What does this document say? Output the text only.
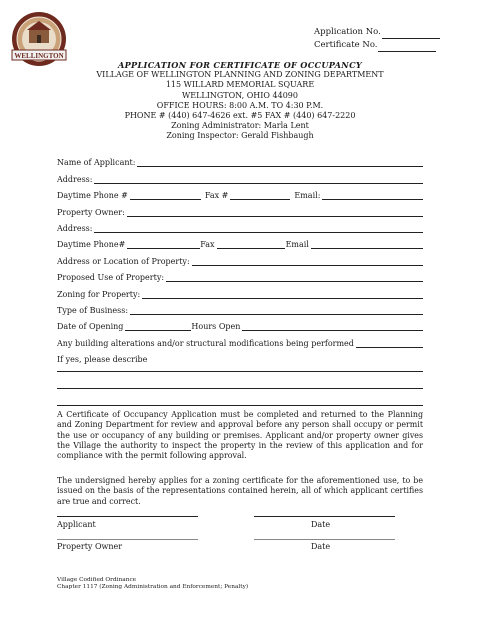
WELLINGTON
Application No.
Certificate No.
APPLICATION FOR CERTIFICATE OF OCCUPANCY
VILLAGE OF WELLINGTON PLANNING AND ZONING DEPARTMENT
115 WILLARD MEMORIAL SQUARE
WELLINGTON, OHIO 44090
OFFICE HOURS: 8:00 A.M. TO 4:30 P.M.
PHONE # (440) 647-4626 ext. #5 FAX # (440) 647-2220
Zoning Administrator: Marla Lent
Zoning Inspector: Gerald Fishbaugh
Name of Applicant:
Address:
Daytime Phone #	Fax #	Email:
Property Owner:
Address:
Daytime Phone#	Fax	Email
Address or Location of Property:
Proposed Use of Property:
Zoning for Property:
Type of Business:
Date of Opening	Hours Open
Any building alterations and/or structural modifications being performed
If yes, please describe
A Certificate of Occupancy Application must be completed and returned to the Planning and Zoning Department for review and approval before any person shall occupy or permit the use or occupancy of any building or premises. Applicant and/or property owner gives the Village the authority to inspect the property in the review of this application and for compliance with the permit following approval.
The undersigned hereby applies for a zoning certificate for the aforementioned use, to be issued on the basis of the representations contained herein, all of which applicant certifies are true and correct.
Applicant	Date
Property Owner	Date
Village Codified Ordinance
Chapter 1117 (Zoning Administration and Enforcement; Penalty)
